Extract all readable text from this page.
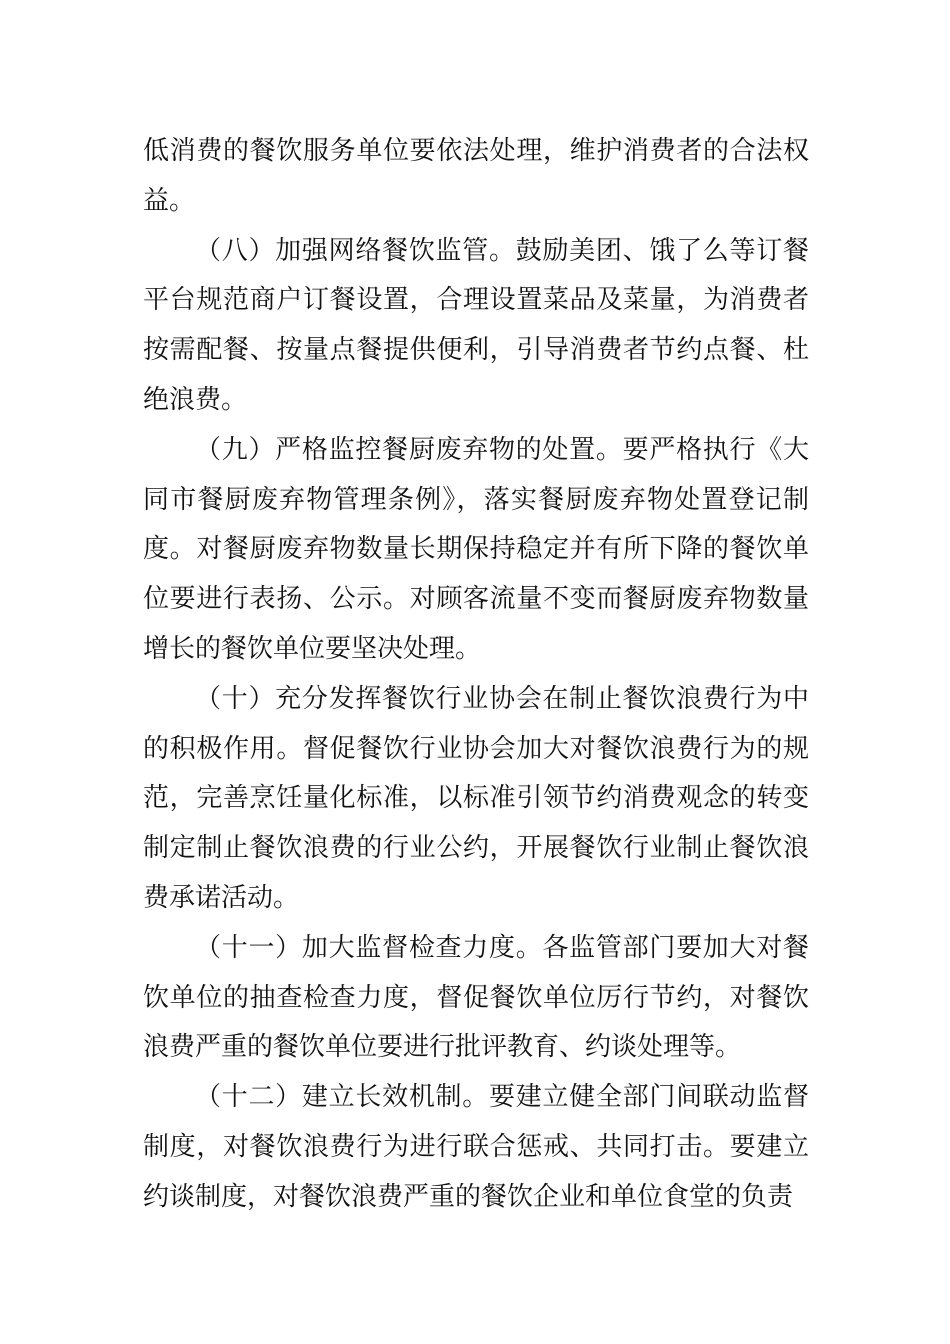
低消费的餐饮服务单位要依法处理，维护消费者的合法权益。

（八）加强网络餐饮监管。鼓励美团、饿了么等订餐平台规范商户订餐设置，合理设置菜品及菜量，为消费者按需配餐、按量点餐提供便利，引导消费者节约点餐、杜绝浪费。

（九）严格监控餐厨废弃物的处置。要严格执行《大同市餐厨废弃物管理条例》，落实餐厨废弃物处置登记制度。对餐厨废弃物数量长期保持稳定并有所下降的餐饮单位要进行表扬、公示。对顾客流量不变而餐厨废弃物数量增长的餐饮单位要坚决处理。

（十）充分发挥餐饮行业协会在制止餐饮浪费行为中的积极作用。督促餐饮行业协会加大对餐饮浪费行为的规范，完善烹饪量化标准，以标准引领节约消费观念的转变制定制止餐饮浪费的行业公约，开展餐饮行业制止餐饮浪费承诺活动。

（十一）加大监督检查力度。各监管部门要加大对餐饮单位的抽查检查力度，督促餐饮单位厉行节约，对餐饮浪费严重的餐饮单位要进行批评教育、约谈处理等。

（十二）建立长效机制。要建立健全部门间联动监督制度，对餐饮浪费行为进行联合惩戒、共同打击。要建立约谈制度，对餐饮浪费严重的餐饮企业和单位食堂的负责
